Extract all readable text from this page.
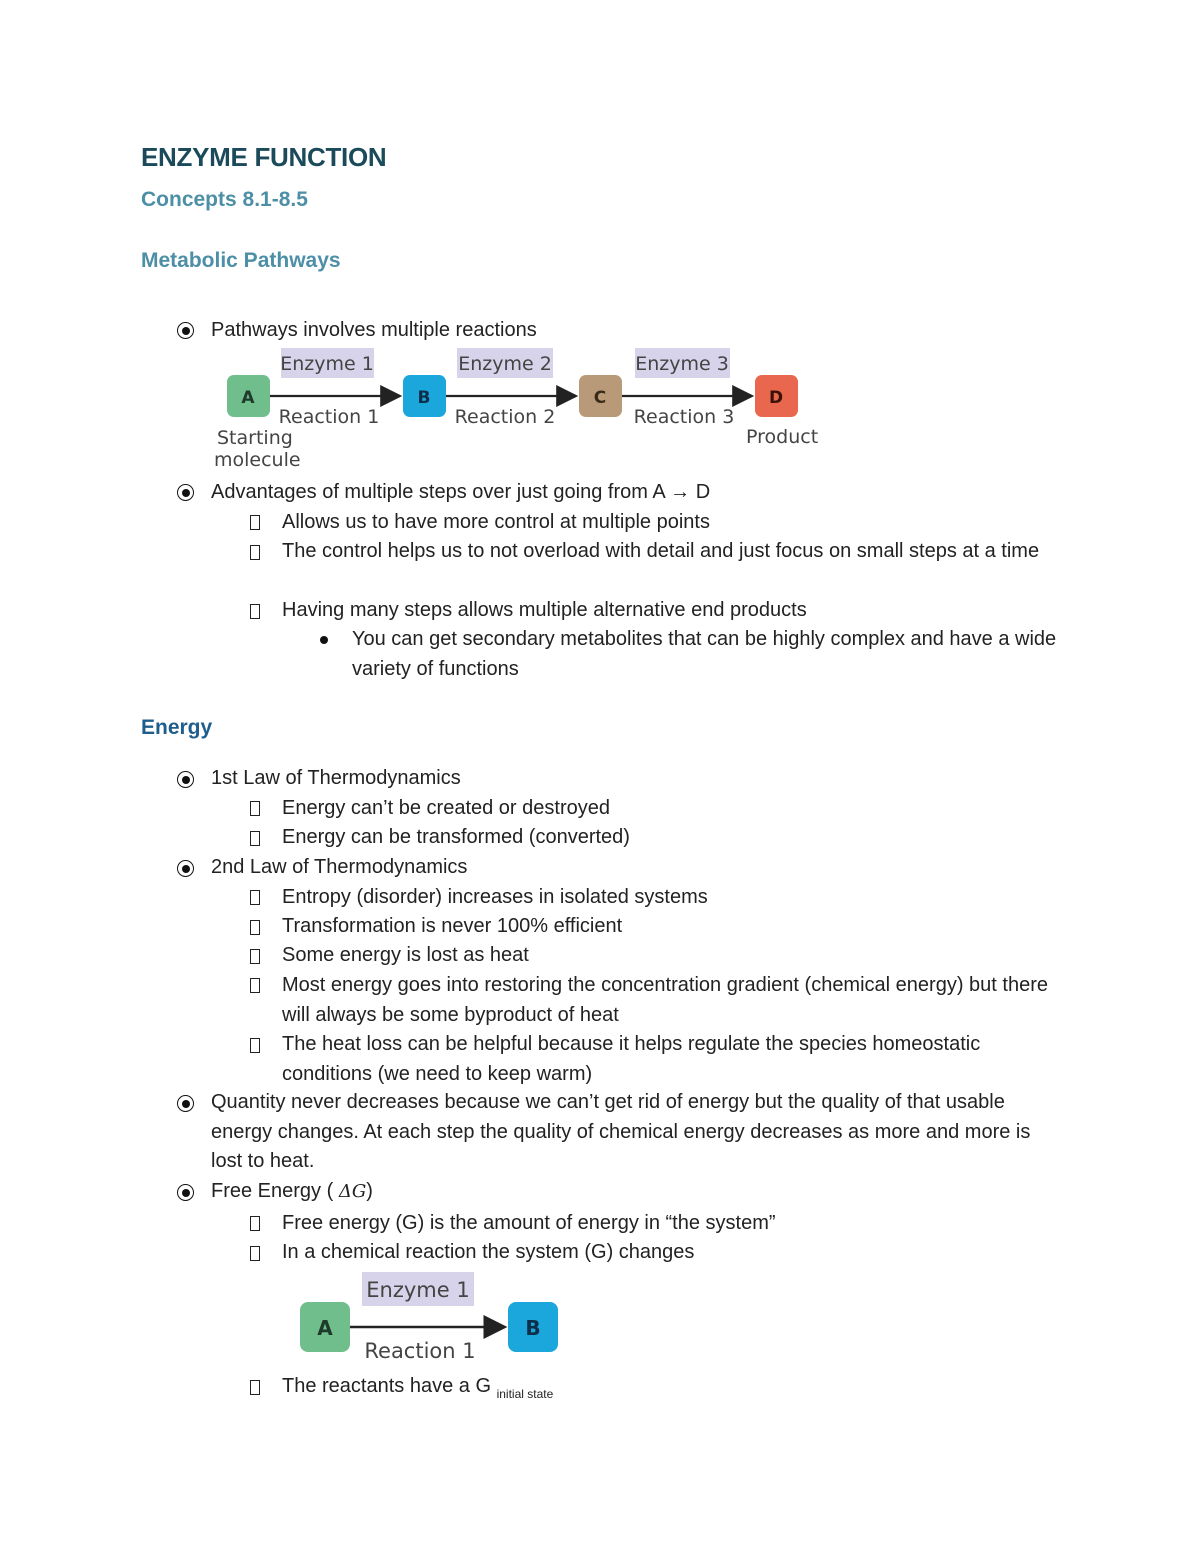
ENZYME FUNCTION
Concepts 8.1-8.5
Metabolic Pathways
Pathways involves multiple reactions
Enzyme 1	Enzyme 2	Enzyme 3
A	B	C	D
Reaction 1	Reaction 2	Reaction 3
Starting
molecule
Product
Advantages of multiple steps over just going from A → D
Allows us to have more control at multiple points
The control helps us to not overload with detail and just focus on small steps at a time
Having many steps allows multiple alternative end products
You can get secondary metabolites that can be highly complex and have a wide variety of functions
Energy
1st Law of Thermodynamics
Energy can’t be created or destroyed
Energy can be transformed (converted)
2nd Law of Thermodynamics
Entropy (disorder) increases in isolated systems
Transformation is never 100% efficient
Some energy is lost as heat
Most energy goes into restoring the concentration gradient (chemical energy) but there will always be some byproduct of heat
The heat loss can be helpful because it helps regulate the species homeostatic conditions (we need to keep warm)
Quantity never decreases because we can’t get rid of energy but the quality of that usable energy changes. At each step the quality of chemical energy decreases as more and more is lost to heat.
Free Energy ( ΔG)
Free energy (G) is the amount of energy in “the system”
In a chemical reaction the system (G) changes
Enzyme 1
A	B
Reaction 1
The reactants have a G $_{initial state}$
